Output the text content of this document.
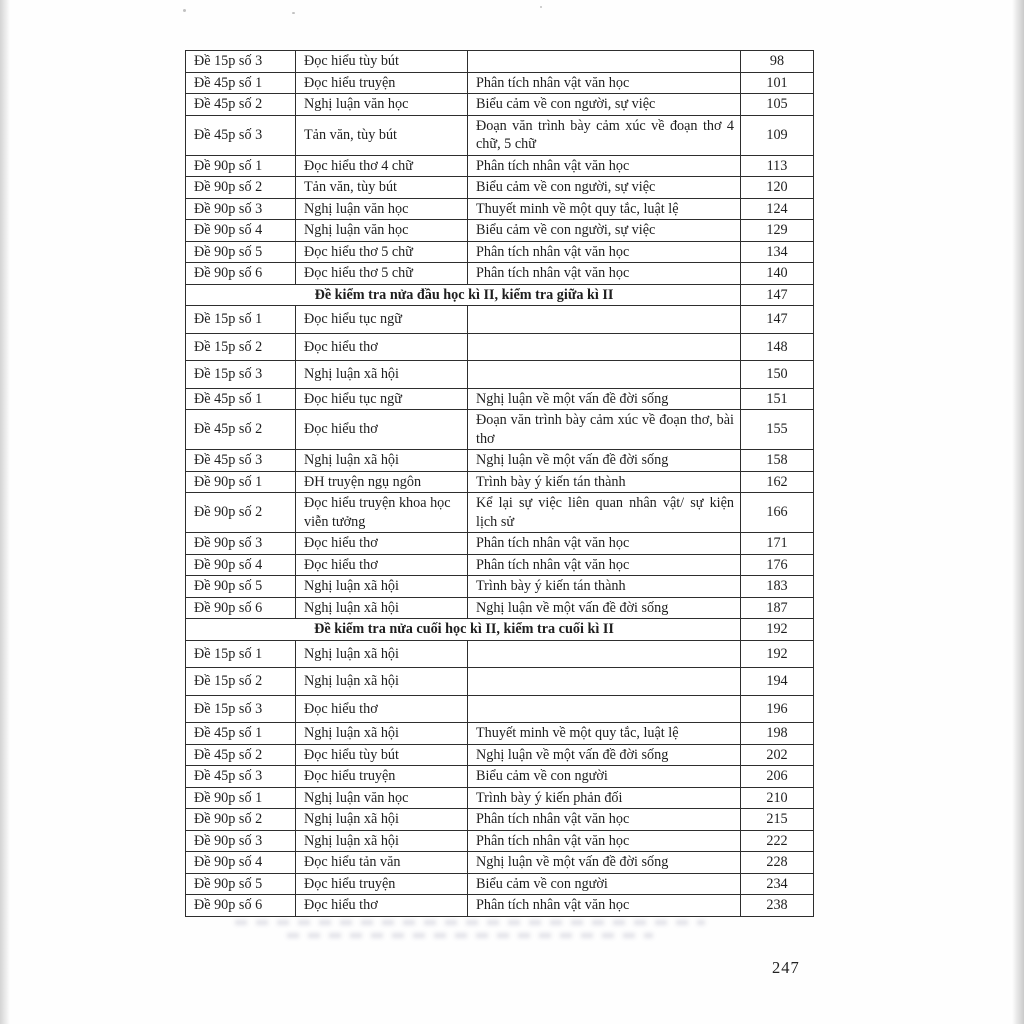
Đề 15p số 3	Đọc hiểu tùy bút		98
Đề 45p số 1	Đọc hiểu truyện	Phân tích nhân vật văn học	101
Đề 45p số 2	Nghị luận văn học	Biểu cảm về con người, sự việc	105
Đề 45p số 3	Tản văn, tùy bút	Đoạn văn trình bày cảm xúc về đoạn thơ 4 chữ, 5 chữ	109
Đề 90p số 1	Đọc hiểu thơ 4 chữ	Phân tích nhân vật văn học	113
Đề 90p số 2	Tản văn, tùy bút	Biểu cảm về con người, sự việc	120
Đề 90p số 3	Nghị luận văn học	Thuyết minh về một quy tắc, luật lệ	124
Đề 90p số 4	Nghị luận văn học	Biểu cảm về con người, sự việc	129
Đề 90p số 5	Đọc hiểu thơ 5 chữ	Phân tích nhân vật văn học	134
Đề 90p số 6	Đọc hiểu thơ 5 chữ	Phân tích nhân vật văn học	140
Đề kiểm tra nửa đầu học kì II, kiểm tra giữa kì II			147
Đề 15p số 1	Đọc hiểu tục ngữ		147
Đề 15p số 2	Đọc hiểu thơ		148
Đề 15p số 3	Nghị luận xã hội		150
Đề 45p số 1	Đọc hiểu tục ngữ	Nghị luận về một vấn đề đời sống	151
Đề 45p số 2	Đọc hiểu thơ	Đoạn văn trình bày cảm xúc về đoạn thơ, bài thơ	155
Đề 45p số 3	Nghị luận xã hội	Nghị luận về một vấn đề đời sống	158
Đề 90p số 1	ĐH truyện ngụ ngôn	Trình bày ý kiến tán thành	162
Đề 90p số 2	Đọc hiểu truyện khoa học viễn tưởng	Kể lại sự việc liên quan nhân vật/ sự kiện lịch sử	166
Đề 90p số 3	Đọc hiểu thơ	Phân tích nhân vật văn học	171
Đề 90p số 4	Đọc hiểu thơ	Phân tích nhân vật văn học	176
Đề 90p số 5	Nghị luận xã hội	Trình bày ý kiến tán thành	183
Đề 90p số 6	Nghị luận xã hội	Nghị luận về một vấn đề đời sống	187
Đề kiểm tra nửa cuối học kì II, kiểm tra cuối kì II			192
Đề 15p số 1	Nghị luận xã hội		192
Đề 15p số 2	Nghị luận xã hội		194
Đề 15p số 3	Đọc hiểu thơ		196
Đề 45p số 1	Nghị luận xã hội	Thuyết minh về một quy tắc, luật lệ	198
Đề 45p số 2	Đọc hiểu tùy bút	Nghị luận về một vấn đề đời sống	202
Đề 45p số 3	Đọc hiểu truyện	Biểu cảm về con người	206
Đề 90p số 1	Nghị luận văn học	Trình bày ý kiến phản đối	210
Đề 90p số 2	Nghị luận xã hội	Phân tích nhân vật văn học	215
Đề 90p số 3	Nghị luận xã hội	Phân tích nhân vật văn học	222
Đề 90p số 4	Đọc hiểu tản văn	Nghị luận về một vấn đề đời sống	228
Đề 90p số 5	Đọc hiểu truyện	Biểu cảm về con người	234
Đề 90p số 6	Đọc hiểu thơ	Phân tích nhân vật văn học	238
247
